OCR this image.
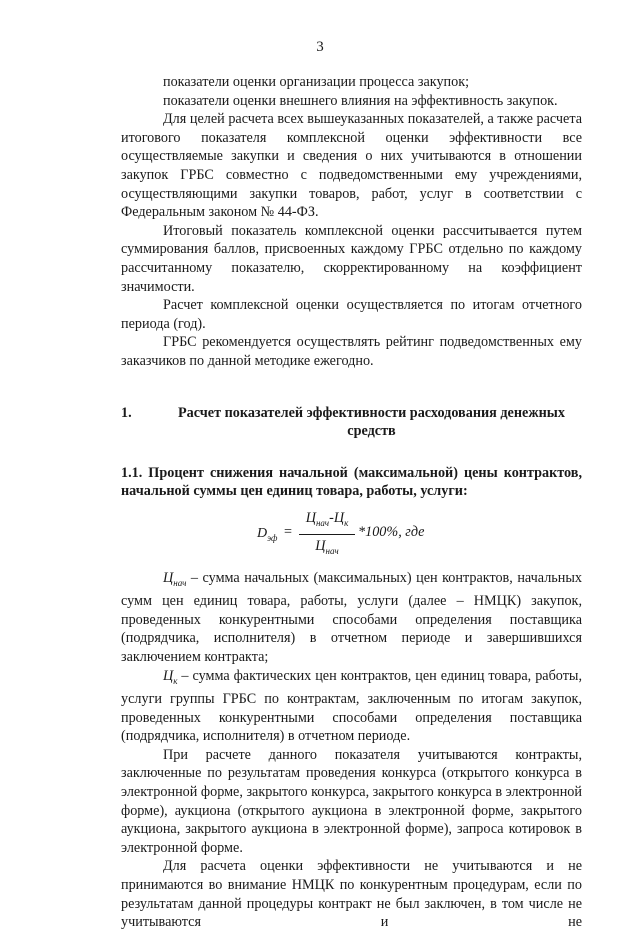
3

показатели оценки организации процесса закупок;

показатели оценки внешнего влияния на эффективность закупок.

Для целей расчета всех вышеуказанных показателей, а также расчета итогового показателя комплексной оценки эффективности все осуществляемые закупки и сведения о них учитываются в отношении закупок ГРБС совместно с подведомственными ему учреждениями, осуществляющими закупки товаров, работ, услуг в соответствии с Федеральным законом № 44-ФЗ.

Итоговый показатель комплексной оценки рассчитывается путем суммирования баллов, присвоенных каждому ГРБС отдельно по каждому рассчитанному показателю, скорректированному на коэффициент значимости.

Расчет комплексной оценки осуществляется по итогам отчетного периода (год).

ГРБС рекомендуется осуществлять рейтинг подведомственных ему заказчиков по данной методике ежегодно.

1.	Расчет показателей эффективности расходования денежных средств

1.1. Процент снижения начальной (максимальной) цены контрактов, начальной суммы цен единиц товара, работы, услуги:

$D_{эф}$ =
$Ц_{нач}-Ц_к$
$Ц_{нач}$
*100%, где

$Ц_{нач}$ – сумма начальных (максимальных) цен контрактов, начальных сумм цен единиц товара, работы, услуги (далее – НМЦК) закупок, проведенных конкурентными способами определения поставщика (подрядчика, исполнителя) в отчетном периоде и завершившихся заключением контракта;

$Ц_к$ – сумма фактических цен контрактов, цен единиц товара, работы, услуги группы ГРБС по контрактам, заключенным по итогам закупок, проведенных конкурентными способами определения поставщика (подрядчика, исполнителя) в отчетном периоде.

При расчете данного показателя учитываются контракты, заключенные по результатам проведения конкурса (открытого конкурса в электронной форме, закрытого конкурса, закрытого конкурса в электронной форме), аукциона (открытого аукциона в электронной форме, закрытого аукциона, закрытого аукциона в электронной форме), запроса котировок в электронной форме.

Для расчета оценки эффективности не учитываются и не принимаются во внимание НМЦК по конкурентным процедурам, если по результатам данной процедуры контракт не был заключен, в том числе не учитываются и не
